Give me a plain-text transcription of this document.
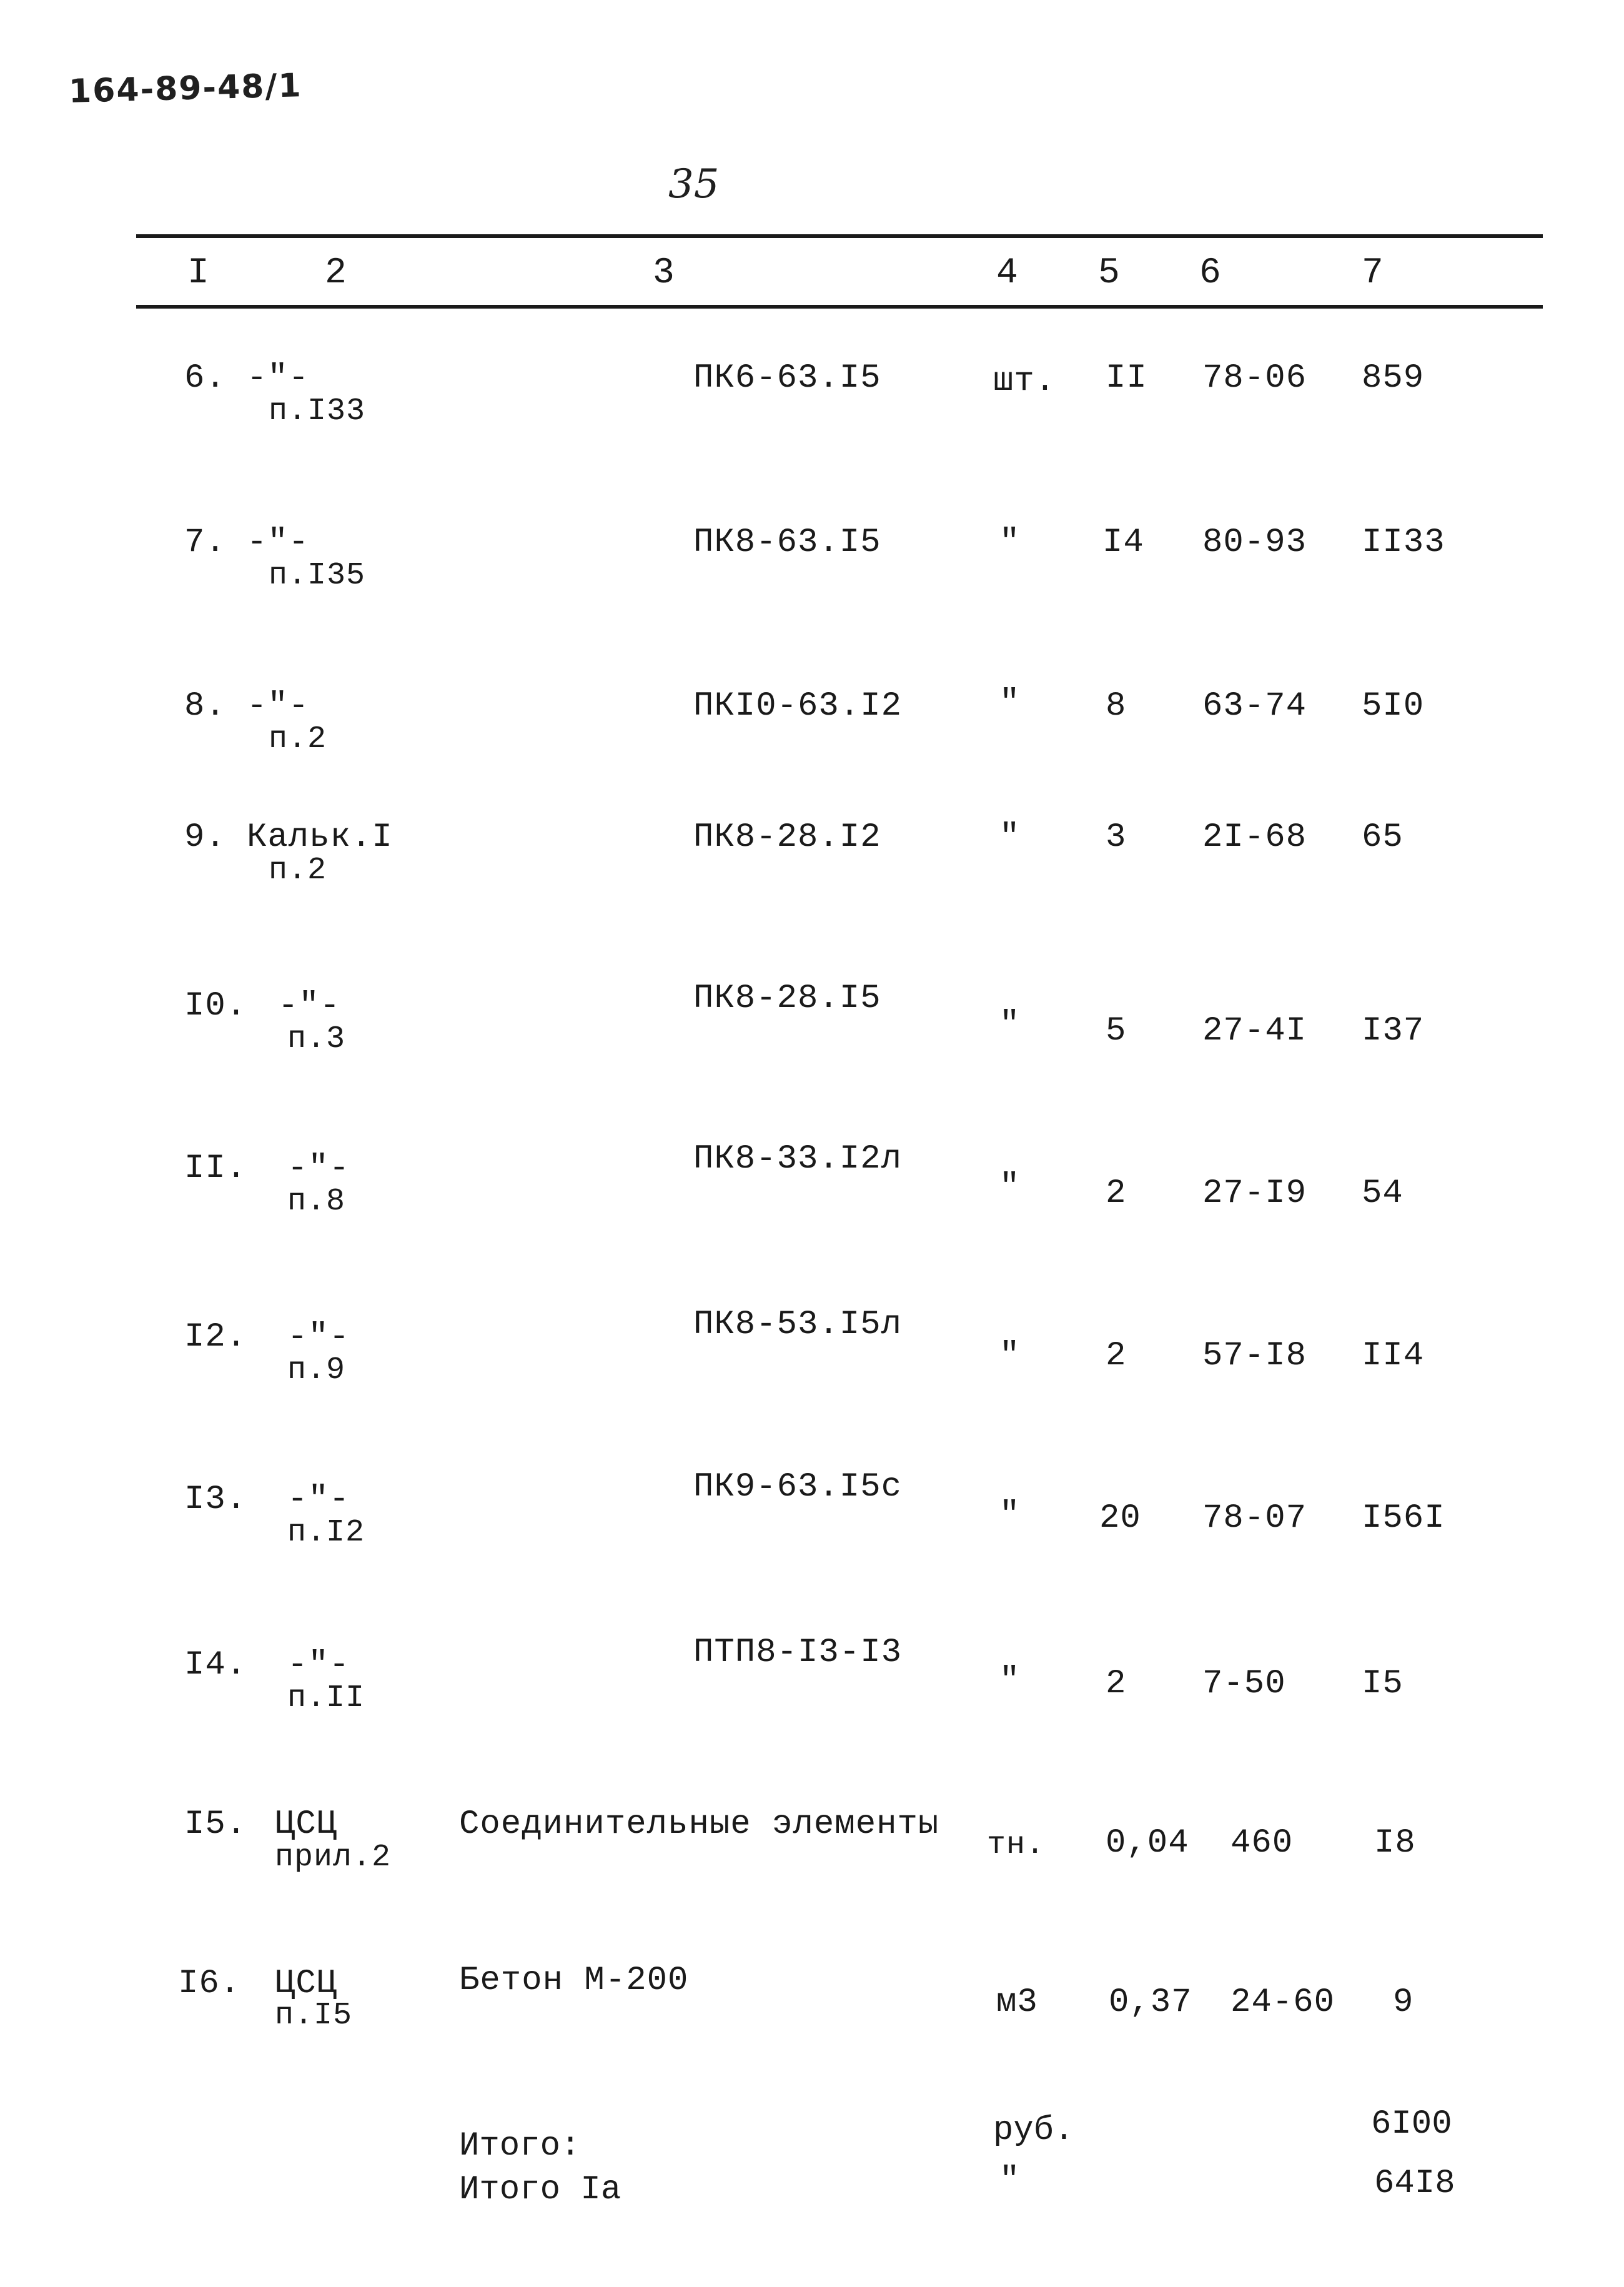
164-89-48/1
35
I	2	3	4 5 6	7
6. -"-
п.I33
ПК6-63.I5	шт. II 78-06 859
7. -"-
п.I35
ПК8-63.I5	" I4 80-93 II33
8. -"-
п.2
ПКI0-63.I2	"	8 63-74 5I0
9. Кальк.I
п.2
ПК8-28.I2	"	3 2I-68 65
I0. -"-
п.3
ПК8-28.I5
"	5 27-4I I37
II. -"-
п.8
ПК8-33.I2л
"	2 27-I9 54
I2. -"-
п.9
ПК8-53.I5л
"	2 57-I8 II4
I3. -"-
п.I2
ПК9-63.I5с
" 20 78-07 I56I
I4. -"-
п.II
ПТП8-I3-I3
"	2 7-50 I5
I5. ЦСЦ
прил.2
Соединительные элементы
тн. 0,04 460 I8
I6. ЦСЦ
п.I5
Бетон М-200
м3 0,37 24-60 9
Итого:	руб.	6I00
Итого Iа	"	64I8
